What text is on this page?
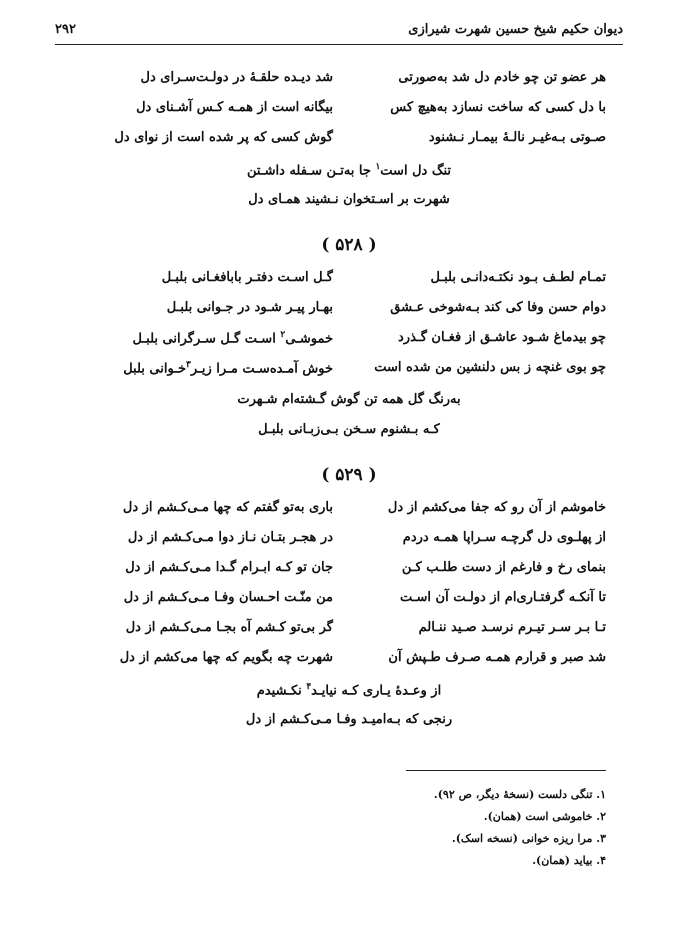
دیوان حکیم شیخ حسین شهرت شیرازی
۲۹۲
هر عضو تن چو خادم دل شد به‌صورتی
شد دیـده حلقـهٔ در دولـت‌سـرای دل
با دل کسی که ساخت نسازد به‌هیچ کس
بیگانه است از همـه کـس آشـنای دل
صـوتی بـه‌غیـر نالـهٔ بیمـار نـشنود
گوش کسی که پر شده است از نوای دل
تنگ دل است$^۱$ جا به‌تـن سـفله داشـتن
شهرت بر اسـتخوان نـشیند همـای دل
( ۵۲۸ )
تمـام لطـف بـود نکتـه‌دانـی بلبـل
گـل اسـت دفتـر بابافغـانی بلبـل
دوام حسن وفا کی کند بـه‌شوخی عـشق
بهـار پیـر شـود در جـوانی بلبـل
چو بیدماغ شـود عاشـق از فغـان گـذرد
خموشـی$^۲$ اسـت گـل سـرگرانی بلبـل
چو بوی غنچه ز بس دلنشین من شده است
خوش آمـده‌سـت مـرا زیـر$^۳$خـوانی بلبل
به‌رنگ گل همه تن گوش گـشته‌ام شـهرت
کـه بـشنوم سـخن بـی‌زبـانی بلبـل
( ۵۲۹ )
خاموشم از آن رو که جفا می‌کشم از دل
باری به‌تو گفتم که چها مـی‌کـشم از دل
از پهلـوی دل گرچـه سـراپا همـه دردم
در هجـر بتـان نـاز دوا مـی‌کـشم از دل
بنمای رخ و فارغم از دست طلـب کـن
جان تو کـه ابـرام گـدا مـی‌کـشم از دل
تا آنکـه گرفتـاری‌ام از دولـت آن اسـت
من منّـت احـسان وفـا مـی‌کـشم از دل
تـا بـر سـر تیـرم نرسـد صـید ننـالم
گر بی‌تو کـشم آه بجـا مـی‌کـشم از دل
شد صبر و قرارم همـه صـرف طـپش آن
شهرت چه بگویم که چها می‌کشم از دل
از وعـدهٔ یـاری کـه نیایـد$^۴$ نکـشیدم
رنجی که بـه‌امیـد وفـا مـی‌کـشم از دل
۱. تنگی دلست (نسخهٔ دیگر، ص ۹۲).
۲. خاموشی است (همان).
۳. مرا ریزه خوانی (نسخه اسک).
۴. بیاید (همان).
